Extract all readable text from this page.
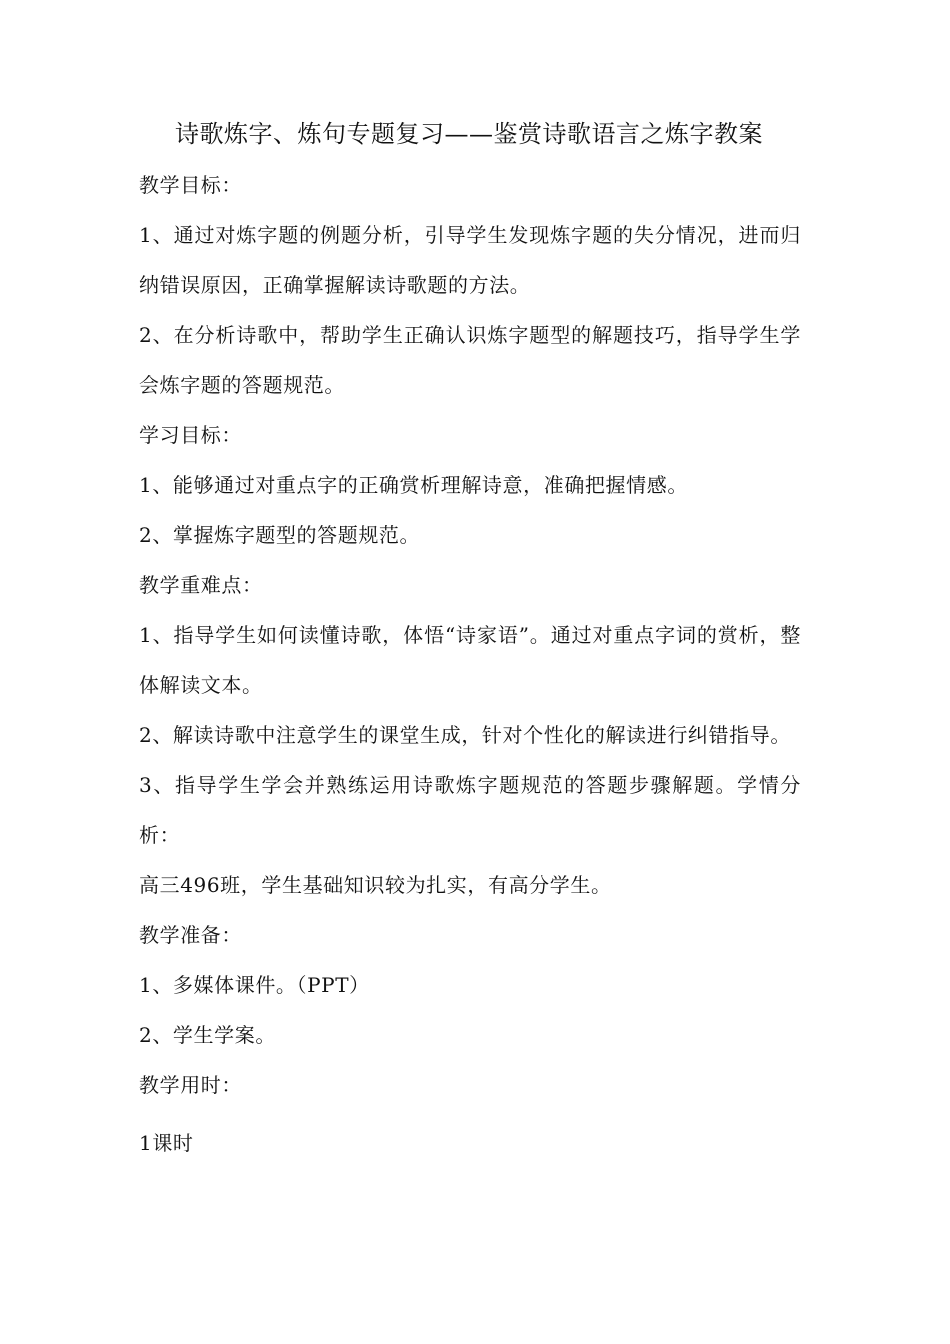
诗歌炼字、炼句专题复习——鉴赏诗歌语言之炼字教案

教学目标：

1、通过对炼字题的例题分析，引导学生发现炼字题的失分情况，进而归纳错误原因，正确掌握解读诗歌题的方法。

2、在分析诗歌中，帮助学生正确认识炼字题型的解题技巧，指导学生学会炼字题的答题规范。

学习目标：

1、能够通过对重点字的正确赏析理解诗意，准确把握情感。

2、掌握炼字题型的答题规范。

教学重难点：

1、指导学生如何读懂诗歌，体悟“诗家语”。通过对重点字词的赏析，整体解读文本。

2、解读诗歌中注意学生的课堂生成，针对个性化的解读进行纠错指导。

3、指导学生学会并熟练运用诗歌炼字题规范的答题步骤解题。学情分析：

高三496班，学生基础知识较为扎实，有高分学生。

教学准备：

1、多媒体课件。（PPT）

2、学生学案。

教学用时：

1课时
